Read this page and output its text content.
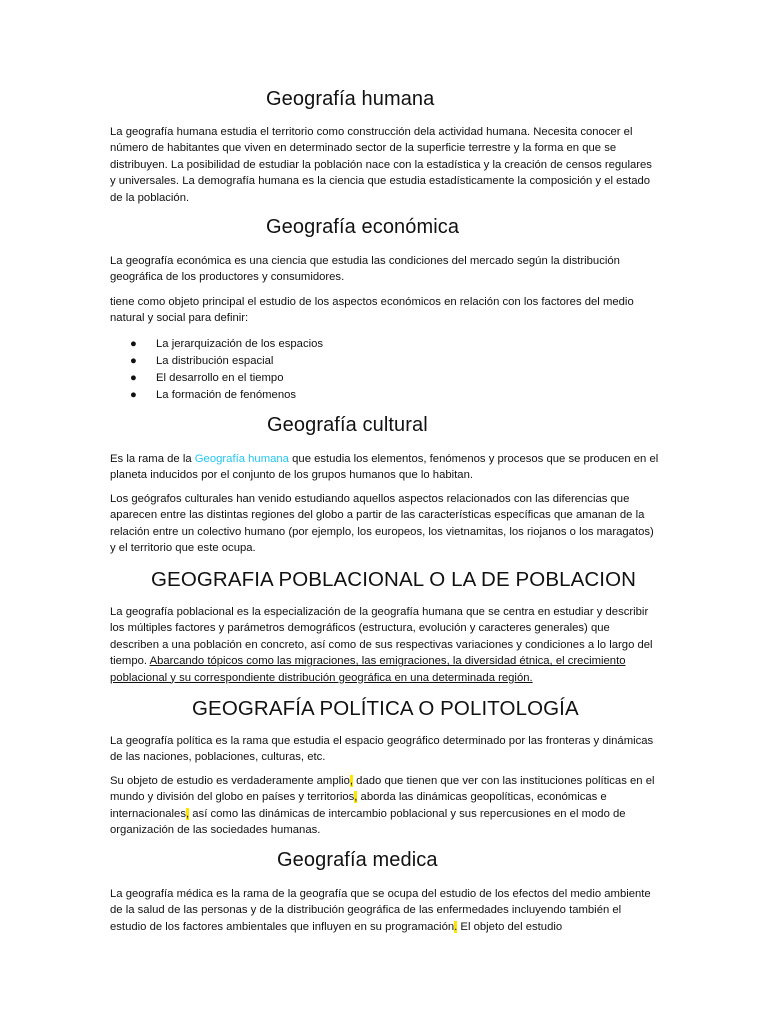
Geografía humana

La geografía humana estudia el territorio como construcción dela actividad humana. Necesita conocer el número de habitantes que viven en determinado sector de la superficie terrestre y la forma en que se distribuyen. La posibilidad de estudiar la población nace con la estadística y la creación de censos regulares y universales. La demografía humana es la ciencia que estudia estadísticamente la composición y el estado de la población.

Geografía económica

La geografía económica es una ciencia que estudia las condiciones del mercado según la distribución geográfica de los productores y consumidores.

tiene como objeto principal el estudio de los aspectos económicos en relación con los factores del medio natural y social para definir:

● La jerarquización de los espacios
● La distribución espacial
● El desarrollo en el tiempo
● La formación de fenómenos
Geografía cultural

Es la rama de la Geografía humana que estudia los elementos, fenómenos y procesos que se producen en el planeta inducidos por el conjunto de los grupos humanos que lo habitan.

Los geógrafos culturales han venido estudiando aquellos aspectos relacionados con las diferencias que aparecen entre las distintas regiones del globo a partir de las características específicas que amanan de la relación entre un colectivo humano (por ejemplo, los europeos, los vietnamitas, los riojanos o los maragatos) y el territorio que este ocupa.

GEOGRAFIA POBLACIONAL O LA DE POBLACION

La geografía poblacional es la especialización de la geografía humana que se centra en estudiar y describir los múltiples factores y parámetros demográficos (estructura, evolución y caracteres generales) que describen a una población en concreto, así como de sus respectivas variaciones y condiciones a lo largo del tiempo. Abarcando tópicos como las migraciones, las emigraciones, la diversidad étnica, el crecimiento poblacional y su correspondiente distribución geográfica en una determinada región.

GEOGRAFÍA POLÍTICA O POLITOLOGÍA

La geografía política es la rama que estudia el espacio geográfico determinado por las fronteras y dinámicas de las naciones, poblaciones, culturas, etc.

Su objeto de estudio es verdaderamente amplio, dado que tienen que ver con las instituciones políticas en el mundo y división del globo en países y territorios, aborda las dinámicas geopolíticas, económicas e internacionales, así como las dinámicas de intercambio poblacional y sus repercusiones en el modo de organización de las sociedades humanas.

Geografía medica

La geografía médica es la rama de la geografía que se ocupa del estudio de los efectos del medio ambiente de la salud de las personas y de la distribución geográfica de las enfermedades incluyendo también el estudio de los factores ambientales que influyen en su programación. El objeto del estudio
